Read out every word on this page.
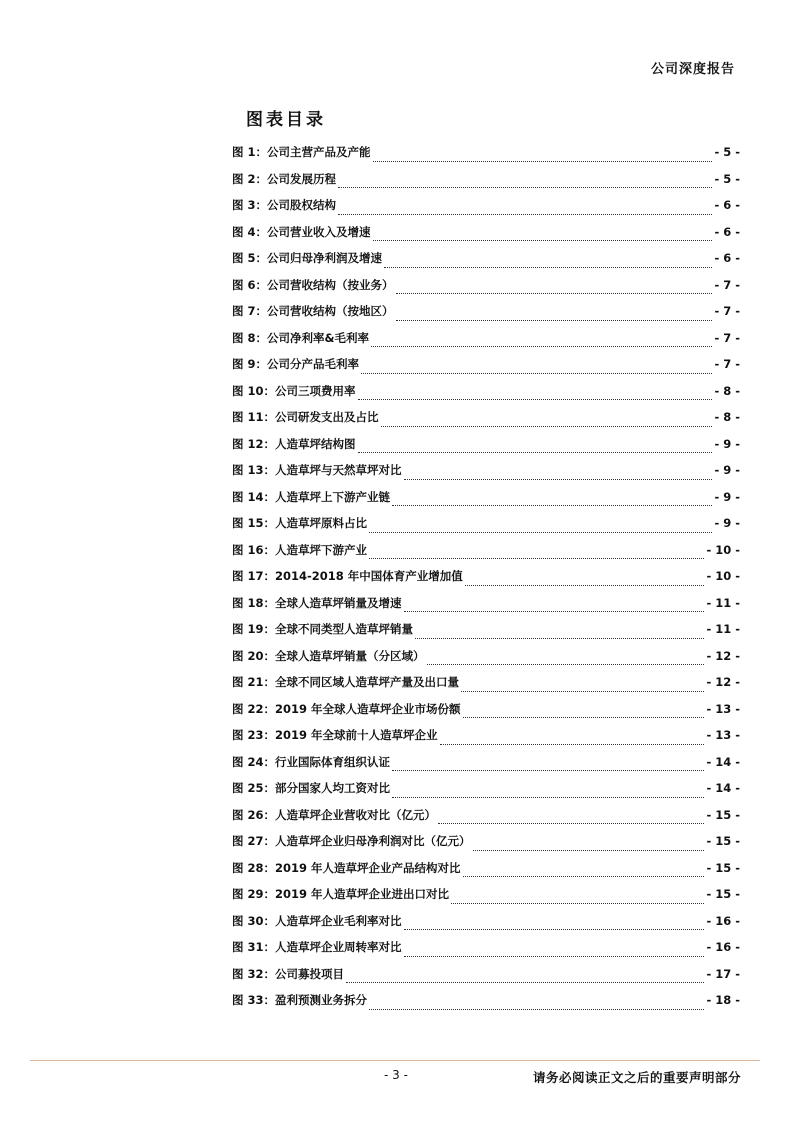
公司深度报告
图表目录
图 1：公司主营产品及产能	- 5 -
图 2：公司发展历程	- 5 -
图 3：公司股权结构	- 6 -
图 4：公司营业收入及增速	- 6 -
图 5：公司归母净利润及增速	- 6 -
图 6：公司营收结构（按业务）	- 7 -
图 7：公司营收结构（按地区）	- 7 -
图 8：公司净利率&毛利率	- 7 -
图 9：公司分产品毛利率	- 7 -
图 10：公司三项费用率	- 8 -
图 11：公司研发支出及占比	- 8 -
图 12：人造草坪结构图	- 9 -
图 13：人造草坪与天然草坪对比	- 9 -
图 14：人造草坪上下游产业链	- 9 -
图 15：人造草坪原料占比	- 9 -
图 16：人造草坪下游产业	- 10 -
图 17：2014-2018 年中国体育产业增加值	- 10 -
图 18：全球人造草坪销量及增速	- 11 -
图 19：全球不同类型人造草坪销量	- 11 -
图 20：全球人造草坪销量（分区域）	- 12 -
图 21：全球不同区域人造草坪产量及出口量	- 12 -
图 22：2019 年全球人造草坪企业市场份额	- 13 -
图 23：2019 年全球前十人造草坪企业	- 13 -
图 24：行业国际体育组织认证	- 14 -
图 25：部分国家人均工资对比	- 14 -
图 26：人造草坪企业营收对比（亿元）	- 15 -
图 27：人造草坪企业归母净利润对比（亿元）	- 15 -
图 28：2019 年人造草坪企业产品结构对比	- 15 -
图 29：2019 年人造草坪企业进出口对比	- 15 -
图 30：人造草坪企业毛利率对比	- 16 -
图 31：人造草坪企业周转率对比	- 16 -
图 32：公司募投项目	- 17 -
图 33：盈利预测业务拆分	- 18 -
- 3 -	请务必阅读正文之后的重要声明部分
